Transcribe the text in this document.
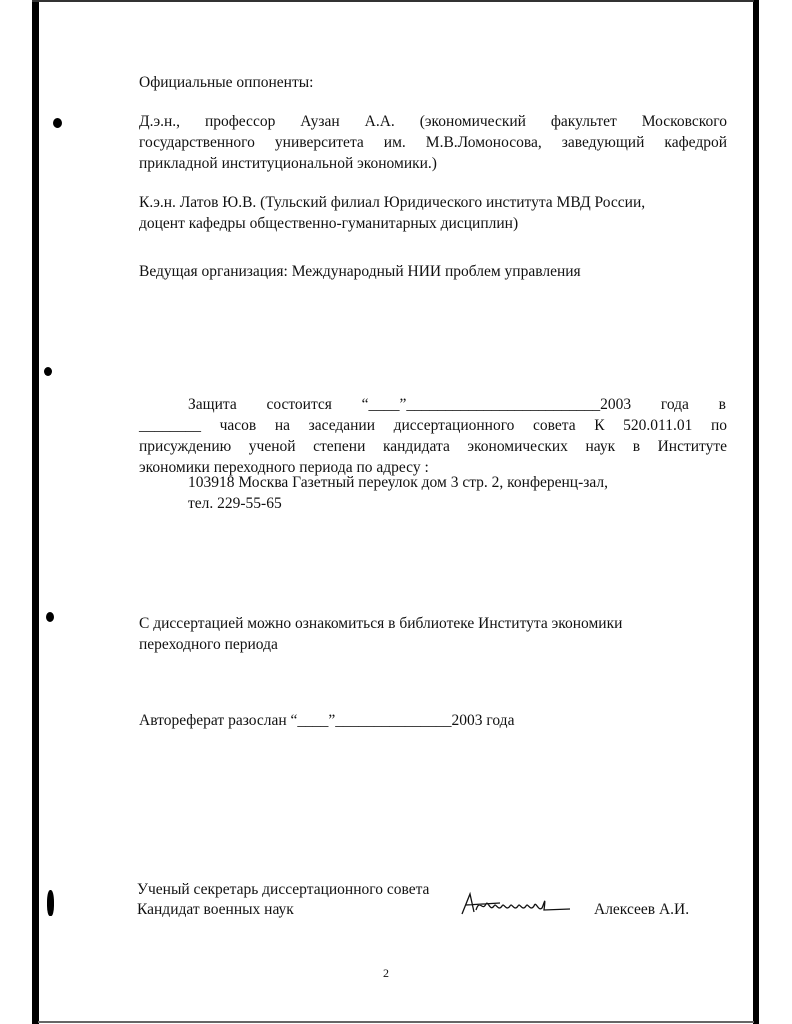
Официальные оппоненты:
Д.э.н., профессор Аузан А.А. (экономический факультет Московского
государственного университета им. М.В.Ломоносова, заведующий кафедрой
прикладной институциональной экономики.)
К.э.н. Латов Ю.В. (Тульский филиал Юридического института МВД России,
доцент кафедры общественно-гуманитарных дисциплин)
Ведущая организация: Международный НИИ проблем управления
Защита состоится “____”_________________________2003 года в
________ часов на заседании диссертационного совета К 520.011.01 по
присуждению ученой степени кандидата экономических наук в Институте
экономики переходного периода по адресу :
103918 Москва Газетный переулок дом 3 стр. 2, конференц-зал,
тел. 229-55-65
С диссертацией можно ознакомиться в библиотеке Института экономики
переходного периода
Автореферат разослан “____”_______________2003 года
Ученый секретарь диссертационного совета
Кандидат военных наук	Алексеев А.И.
2
